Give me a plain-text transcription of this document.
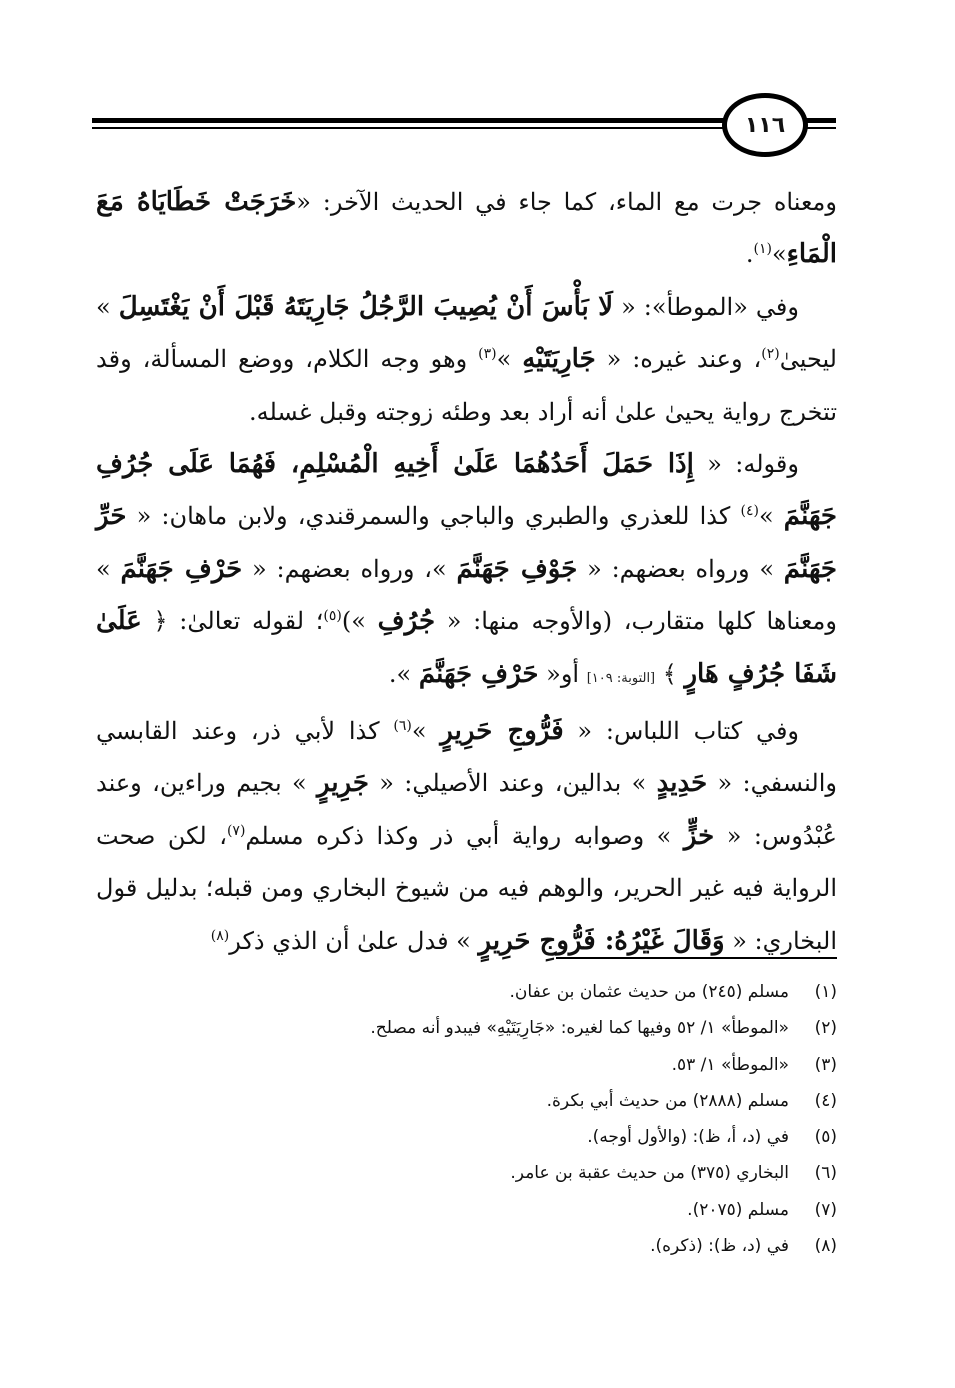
١١٦

ومعناه جرت مع الماء، كما جاء في الحديث الآخر: «خَرَجَتْ خَطَايَاهُ مَعَ الْمَاءِ»$^{(١)}$.

وفي «الموطأ»: « لَا بَأْسَ أَنْ يُصِيبَ الرَّجُلُ جَارِيَتَهُ قَبْلَ أَنْ يَغْتَسِلَ » ليحيىٰ$^{(٢)}$، وعند غيره: « جَارِيَتَيْهِ »$^{(٣)}$ وهو وجه الكلام، ووضع المسألة، وقد تتخرج رواية يحيىٰ علىٰ أنه أراد بعد وطئه زوجته وقبل غسله.

وقوله: « إِذَا حَمَلَ أَحَدُهُمَا عَلَىٰ أَخِيهِ الْمُسْلِمِ، فَهُمَا عَلَى جُرُفِ جَهَنَّمَ »$^{(٤)}$ كذا للعذري والطبري والباجي والسمرقندي، ولابن ماهان: « حَرِّ جَهَنَّمَ » ورواه بعضهم: « جَوْفِ جَهَنَّمَ »، ورواه بعضهم: « حَرْفِ جَهَنَّمَ » ومعناها كلها متقارب، (والأوجه منها: « جُرُفِ »)$^{(٥)}$؛ لقوله تعالىٰ: ﴿ عَلَىٰ شَفَا جُرُفٍ هَارٍ ﴾ [التوبة: ١٠٩] أو« حَرْفِ جَهَنَّمَ ».

وفي كتاب اللباس: « فَرُّوجِ حَرِيرٍ »$^{(٦)}$ كذا لأبي ذر، وعند القابسي والنسفي: « حَدِيدٍ » بدالين، وعند الأصيلي: « جَرِيرٍ » بجيم وراءين، وعند عُبْدُوس: « خزٍّ » وصوابه رواية أبي ذر وكذا ذكره مسلم$^{(٧)}$، لكن صحت الرواية فيه غير الحرير، والوهم فيه من شيوخ البخاري ومن قبله؛ بدليل قول البخاري: « وَقَالَ غَيْرُهُ: فَرُّوجِ حَرِيرٍ » فدل علىٰ أن الذي ذكر$^{(٨)}$

(١)مسلم (٢٤٥) من حديث عثمان بن عفان.
(٢)«الموطأ» ١/ ٥٢ وفيها كما لغيره: «جَارِيَتَيْهِ» فيبدو أنه مصلح.
(٣)«الموطأ» ١/ ٥٣.
(٤)مسلم (٢٨٨٨) من حديث أبي بكرة.
(٥)في (د، أ، ظ): (والأول أوجه).
(٦)البخاري (٣٧٥) من حديث عقبة بن عامر.
(٧)مسلم (٢٠٧٥).
(٨)في (د، ظ): (ذكره).
